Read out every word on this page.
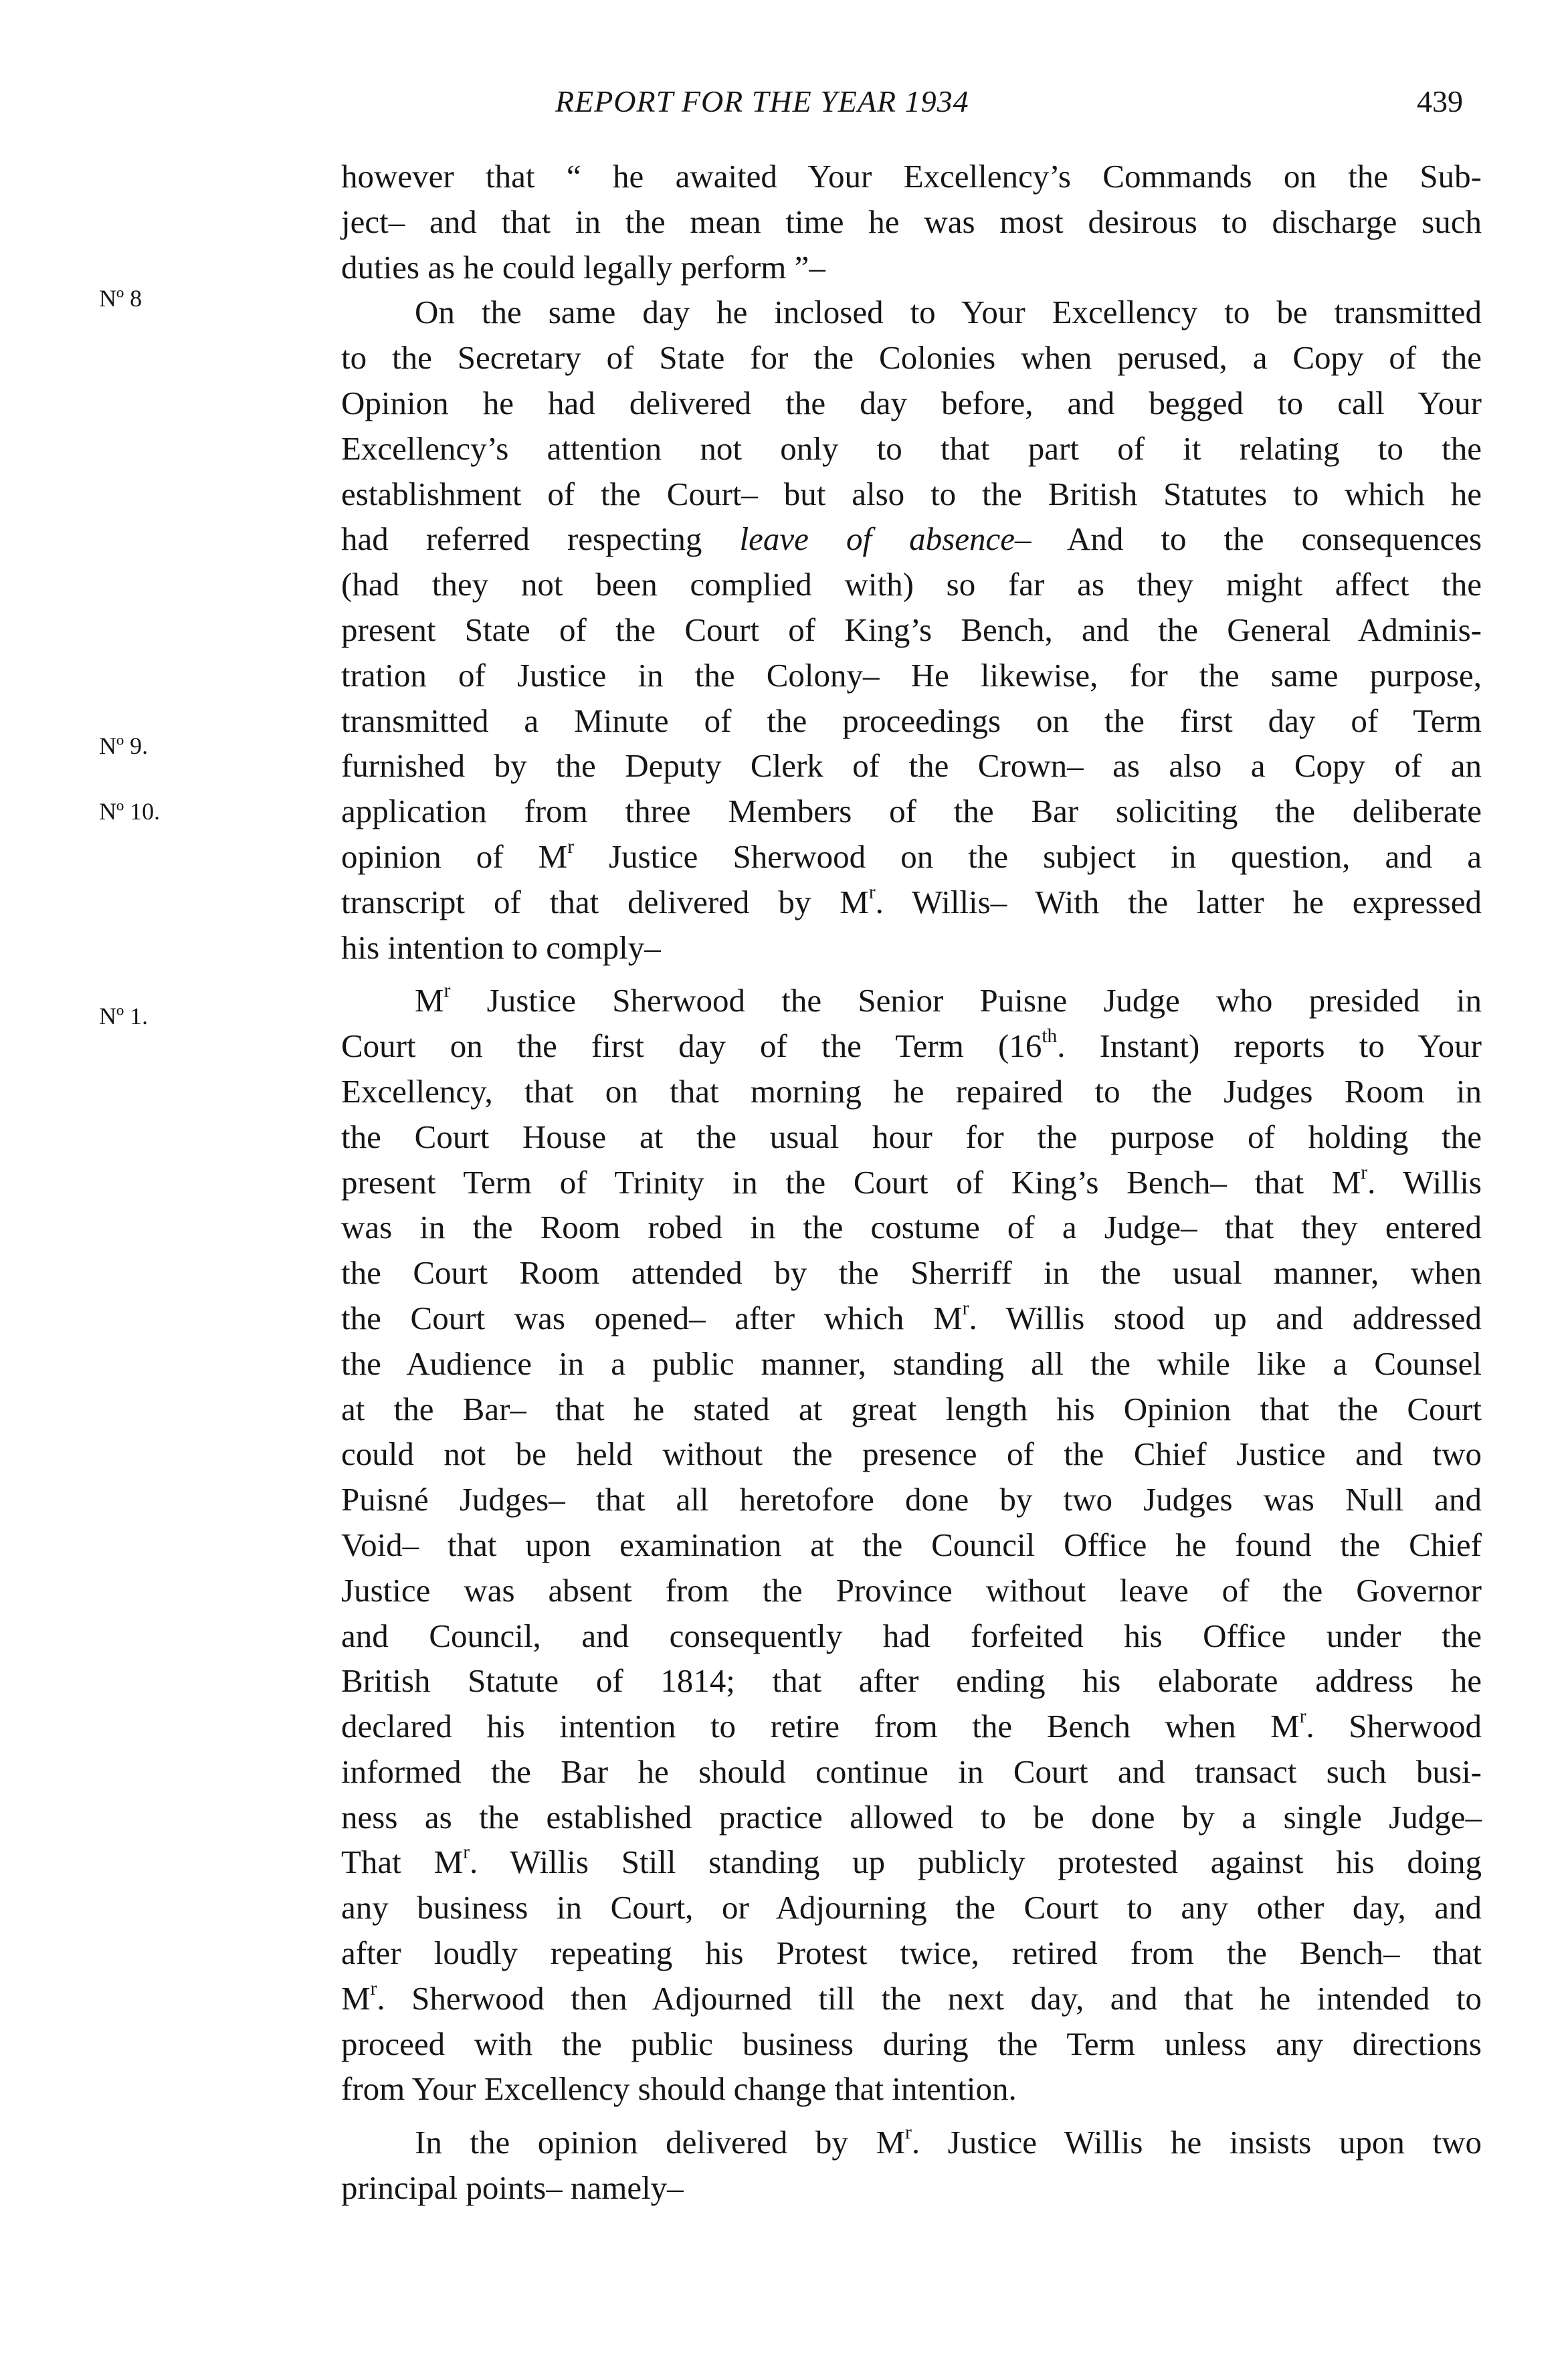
REPORT FOR THE YEAR 1934	439
Nº 8
Nº 9.
Nº 10.
Nº 1.
however that “ he awaited Your Excellency’s Commands on the Sub-
ject– and that in the mean time he was most desirous to discharge such
duties as he could legally perform ”–
On the same day he inclosed to Your Excellency to be transmitted
to the Secretary of State for the Colonies when perused, a Copy of the
Opinion he had delivered the day before, and begged to call Your
Excellency’s attention not only to that part of it relating to the
establishment of the Court– but also to the British Statutes to which he
had referred respecting leave of absence– And to the consequences
(had they not been complied with) so far as they might affect the
present State of the Court of King’s Bench, and the General Adminis-
tration of Justice in the Colony– He likewise, for the same purpose,
transmitted a Minute of the proceedings on the first day of Term
furnished by the Deputy Clerk of the Crown– as also a Copy of an
application from three Members of the Bar soliciting the deliberate
opinion of $M^r$ Justice Sherwood on the subject in question, and a
transcript of that delivered by $M^r$. Willis– With the latter he expressed
his intention to comply–
$M^r$ Justice Sherwood the Senior Puisne Judge who presided in
Court on the first day of the Term (16th. Instant) reports to Your
Excellency, that on that morning he repaired to the Judges Room in
the Court House at the usual hour for the purpose of holding the
present Term of Trinity in the Court of King’s Bench– that $M^r$. Willis
was in the Room robed in the costume of a Judge– that they entered
the Court Room attended by the Sherriff in the usual manner, when
the Court was opened– after which $M^r$. Willis stood up and addressed
the Audience in a public manner, standing all the while like a Counsel
at the Bar– that he stated at great length his Opinion that the Court
could not be held without the presence of the Chief Justice and two
Puisné Judges– that all heretofore done by two Judges was Null and
Void– that upon examination at the Council Office he found the Chief
Justice was absent from the Province without leave of the Governor
and Council, and consequently had forfeited his Office under the
British Statute of 1814; that after ending his elaborate address he
declared his intention to retire from the Bench when $M^r$. Sherwood
informed the Bar he should continue in Court and transact such busi-
ness as the established practice allowed to be done by a single Judge–
That $M^r$. Willis Still standing up publicly protested against his doing
any business in Court, or Adjourning the Court to any other day, and
after loudly repeating his Protest twice, retired from the Bench– that
$M^r$. Sherwood then Adjourned till the next day, and that he intended to
proceed with the public business during the Term unless any directions
from Your Excellency should change that intention.
In the opinion delivered by $M^r$. Justice Willis he insists upon two
principal points– namely–
